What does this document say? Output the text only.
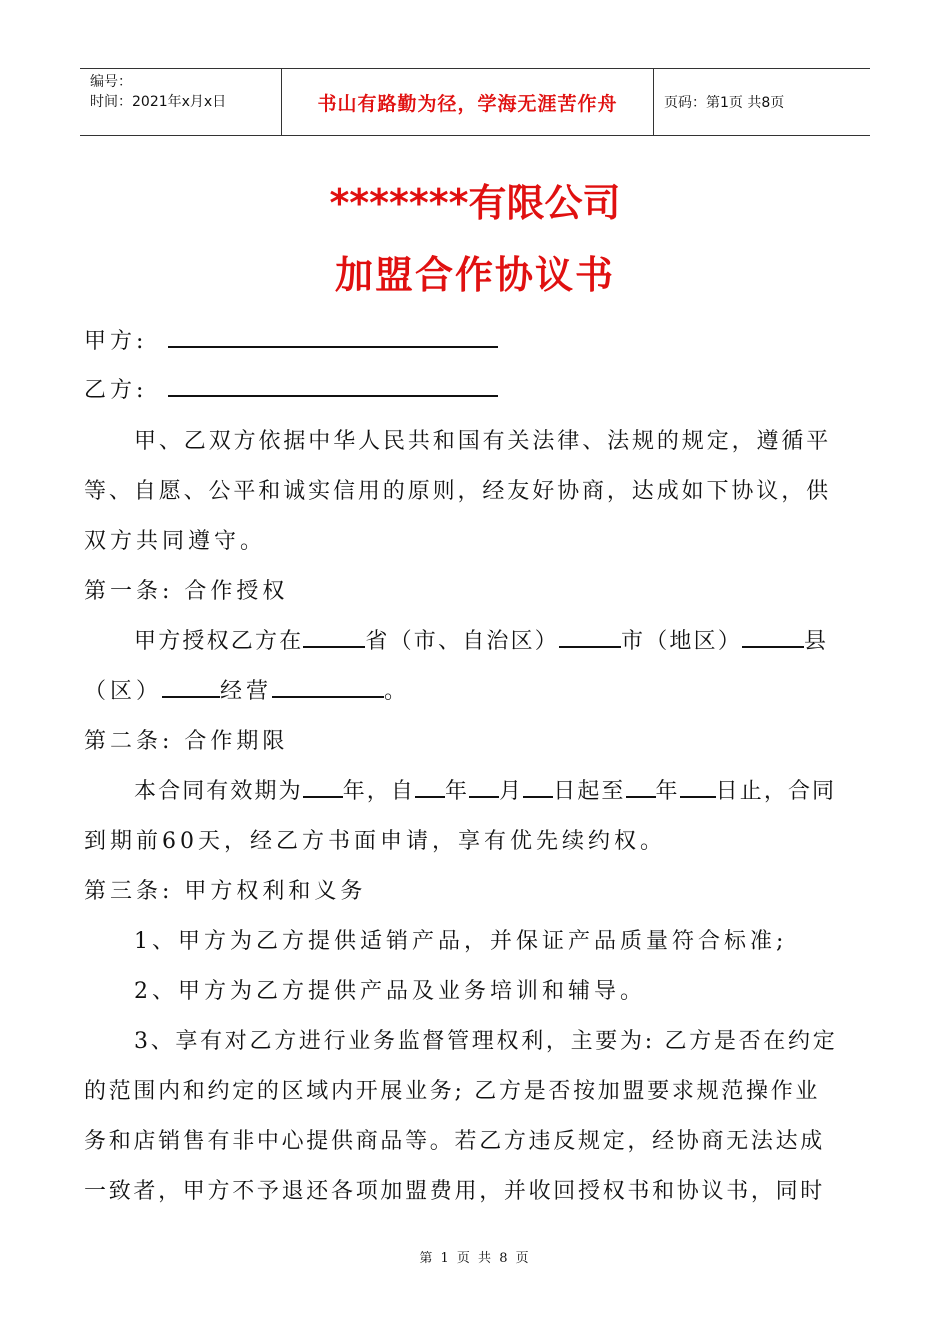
编号：
时间：2021年x月x日	书山有路勤为径，学海无涯苦作舟	页码：第1页 共8页
*******有限公司
加盟合作协议书
甲方:
乙方:
甲、乙双方依据中华人民共和国有关法律、法规的规定，遵循平
等、自愿、公平和诚实信用的原则，经友好协商，达成如下协议，供
双方共同遵守。
第一条: 合作授权
甲方授权乙方在	省（市、自治区）	市（地区）	县
（区）	经营	。
第二条: 合作期限
本合同有效期为 年，自 年 月 日起至 年 日止，合同
到期前60天，经乙方书面申请，享有优先续约权。
第三条: 甲方权利和义务
1、甲方为乙方提供适销产品，并保证产品质量符合标准;
2、甲方为乙方提供产品及业务培训和辅导。
3、享有对乙方进行业务监督管理权利，主要为: 乙方是否在约定
的范围内和约定的区域内开展业务; 乙方是否按加盟要求规范操作业
务和店销售有非中心提供商品等。若乙方违反规定，经协商无法达成
一致者，甲方不予退还各项加盟费用，并收回授权书和协议书，同时
第 1 页 共 8 页
